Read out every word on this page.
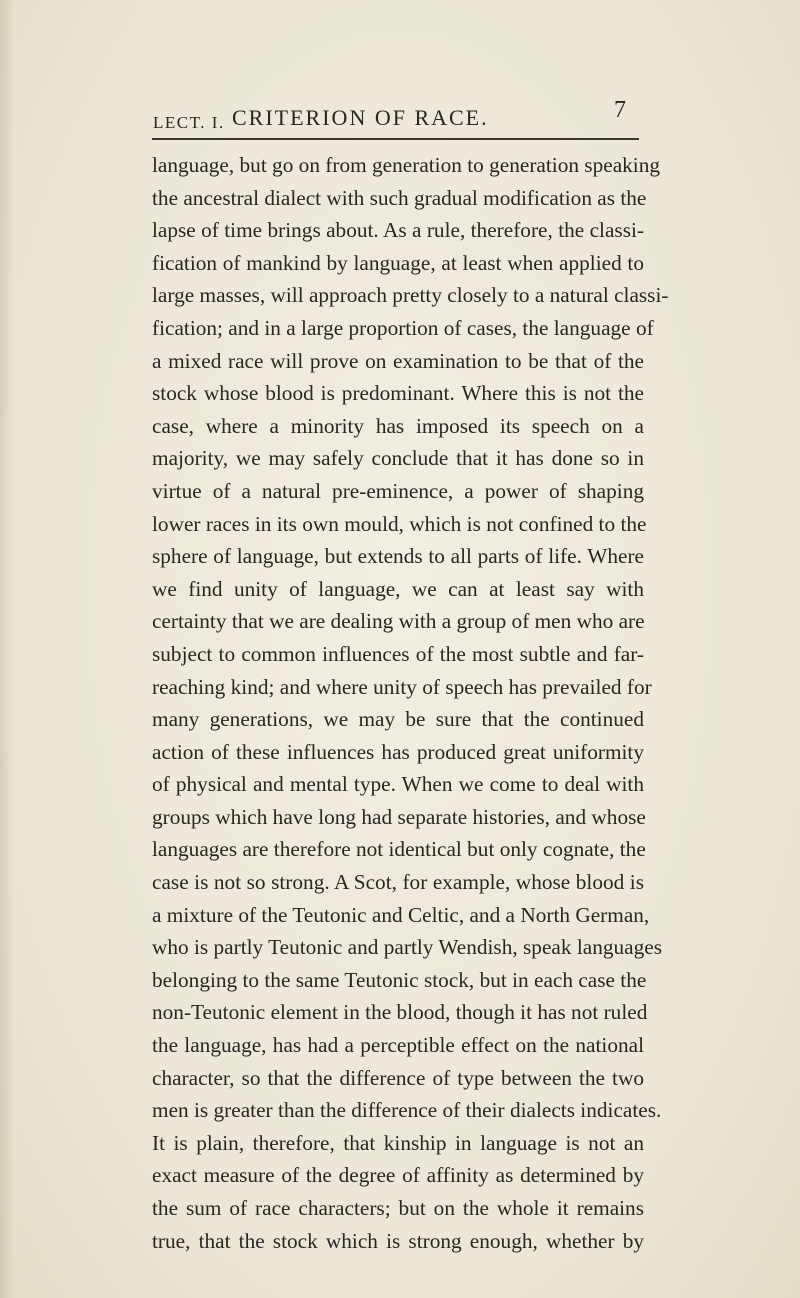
LECT. I. CRITERION OF RACE.	7
language, but go on from generation to generation speaking
the ancestral dialect with such gradual modification as the
lapse of time brings about. As a rule, therefore, the classi-
fication of mankind by language, at least when applied to
large masses, will approach pretty closely to a natural classi-
fication; and in a large proportion of cases, the language of
a mixed race will prove on examination to be that of the
stock whose blood is predominant. Where this is not the
case, where a minority has imposed its speech on a
majority, we may safely conclude that it has done so in
virtue of a natural pre-eminence, a power of shaping
lower races in its own mould, which is not confined to the
sphere of language, but extends to all parts of life. Where
we find unity of language, we can at least say with
certainty that we are dealing with a group of men who are
subject to common influences of the most subtle and far-
reaching kind; and where unity of speech has prevailed for
many generations, we may be sure that the continued
action of these influences has produced great uniformity
of physical and mental type. When we come to deal with
groups which have long had separate histories, and whose
languages are therefore not identical but only cognate, the
case is not so strong. A Scot, for example, whose blood is
a mixture of the Teutonic and Celtic, and a North German,
who is partly Teutonic and partly Wendish, speak languages
belonging to the same Teutonic stock, but in each case the
non-Teutonic element in the blood, though it has not ruled
the language, has had a perceptible effect on the national
character, so that the difference of type between the two
men is greater than the difference of their dialects indicates.
It is plain, therefore, that kinship in language is not an
exact measure of the degree of affinity as determined by
the sum of race characters; but on the whole it remains
true, that the stock which is strong enough, whether by
